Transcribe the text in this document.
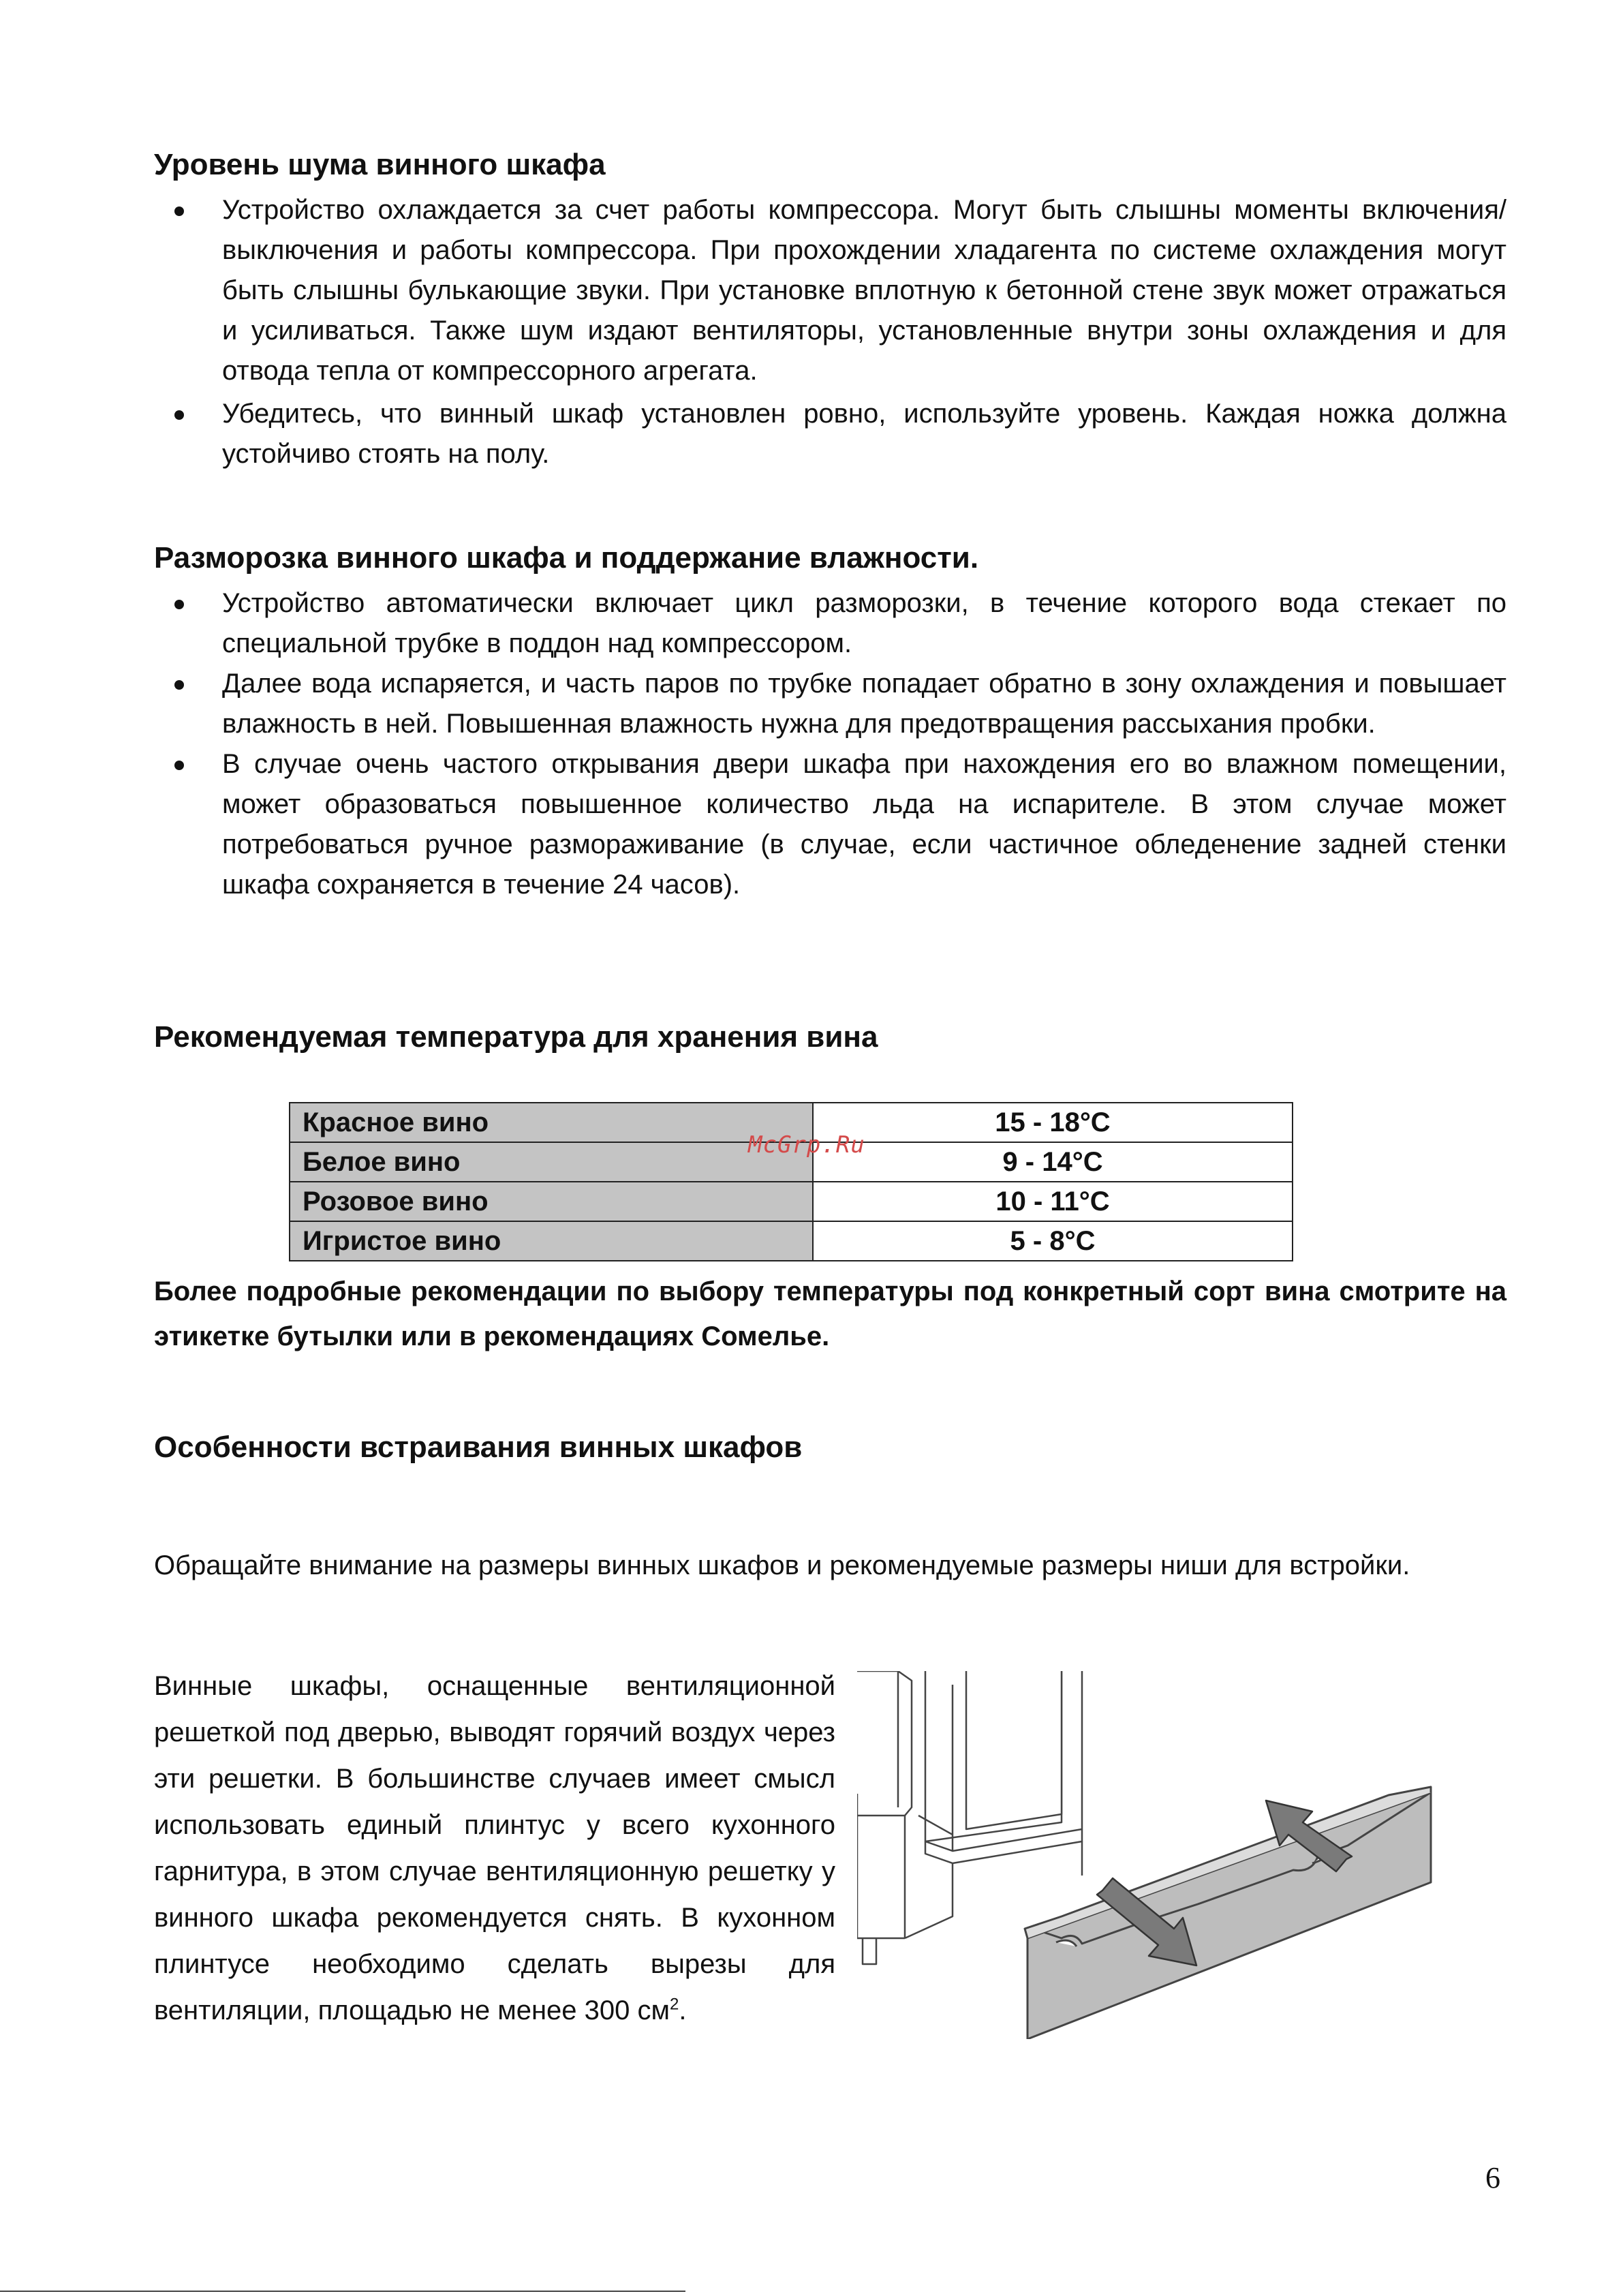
Уровень шума винного шкафа
Устройство охлаждается за счет работы компрессора. Могут быть слышны моменты включения/выключения и работы компрессора. При прохождении хладагента по системе охлаждения могут быть слышны булькающие звуки. При установке вплотную к бетонной стене звук может отражаться и усиливаться. Также шум издают вентиляторы, установленные внутри зоны охлаждения и для отвода тепла от компрессорного агрегата.
Убедитесь, что винный шкаф установлен ровно, используйте уровень. Каждая ножка должна устойчиво стоять на полу.
Разморозка винного шкафа и поддержание влажности.
Устройство автоматически включает цикл разморозки, в течение которого вода стекает по специальной трубке в поддон над компрессором.
Далее вода испаряется, и часть паров по трубке попадает обратно в зону охлаждения и повышает влажность в ней. Повышенная влажность нужна для предотвращения рассыхания пробки.
В случае очень частого открывания двери шкафа при нахождения его во влажном помещении, может образоваться повышенное количество льда на испарителе. В этом случае может потребоваться ручное размораживание (в случае, если частичное обледенение задней стенки шкафа сохраняется в течение 24 часов).
Рекомендуемая температура для хранения вина
Красное вино	15 - 18°C
Белое вино	9 - 14°C
Розовое вино	10 - 11°C
Игристое вино	5 - 8°C
McGrp.Ru

Более подробные рекомендации по выбору температуры под конкретный сорт вина смотрите на этикетке бутылки или в рекомендациях Сомелье.

Особенности встраивания винных шкафов

Обращайте внимание на размеры винных шкафов и рекомендуемые размеры ниши для встройки.

Винные шкафы, оснащенные вентиляционной решеткой под дверью, выводят горячий воздух через эти решетки. В большинстве случаев имеет смысл использовать единый плинтус у всего кухонного гарнитура, в этом случае вентиляционную решетку у винного шкафа рекомендуется снять. В кухонном плинтусе необходимо сделать вырезы для вентиляции, площадью не менее 300 $см^2$.

6
